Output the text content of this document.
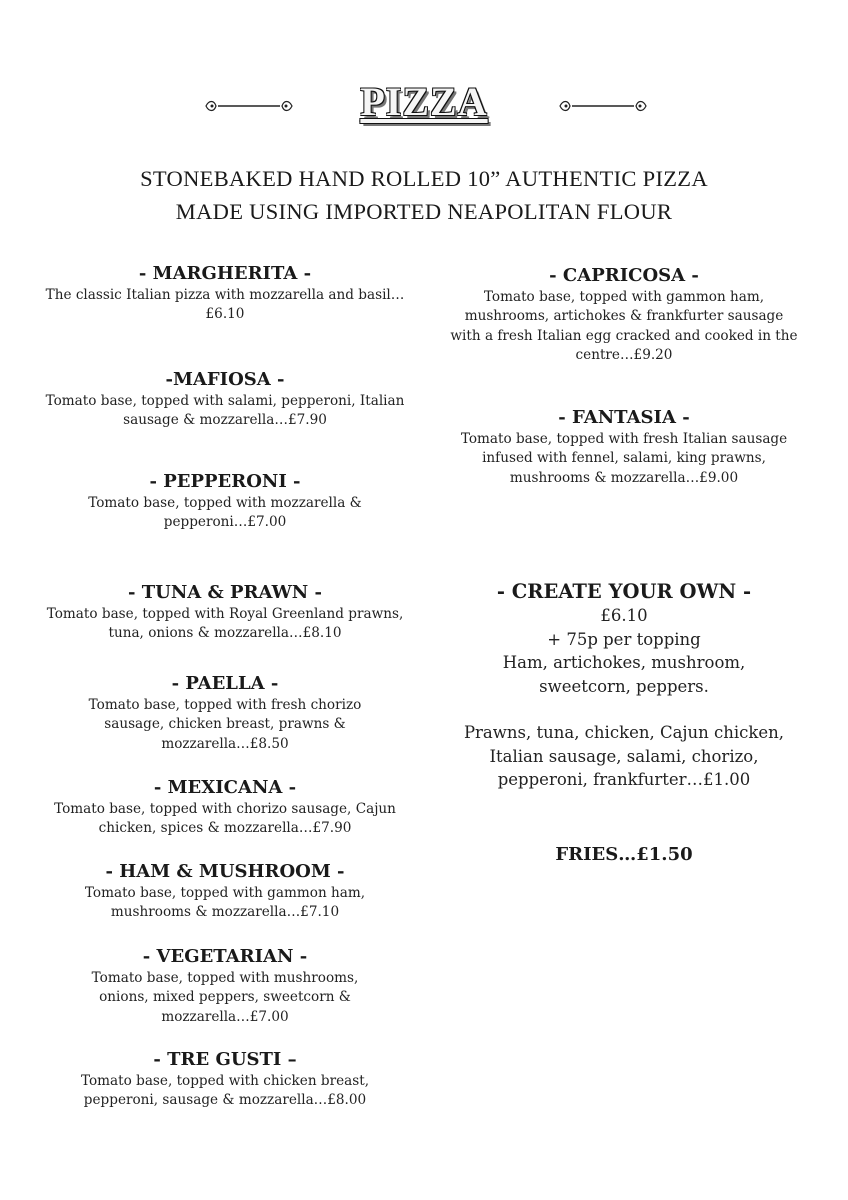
PIZZA
STONEBAKED HAND ROLLED 10” AUTHENTIC PIZZA
MADE USING IMPORTED NEAPOLITAN FLOUR
- MARGHERITA -

The classic Italian pizza with mozzarella and basil…£6.10

-MAFIOSA -

Tomato base, topped with salami, pepperoni, Italian sausage & mozzarella…£7.90

- PEPPERONI -

Tomato base, topped with mozzarella & pepperoni…£7.00

- TUNA & PRAWN -

Tomato base, topped with Royal Greenland prawns, tuna, onions & mozzarella…£8.10

- PAELLA -

Tomato base, topped with fresh chorizo sausage, chicken breast, prawns & mozzarella…£8.50

- MEXICANA -

Tomato base, topped with chorizo sausage, Cajun chicken, spices & mozzarella…£7.90

- HAM & MUSHROOM -

Tomato base, topped with gammon ham, mushrooms & mozzarella…£7.10

- VEGETARIAN -

Tomato base, topped with mushrooms, onions, mixed peppers, sweetcorn & mozzarella…£7.00

- TRE GUSTI –

Tomato base, topped with chicken breast, pepperoni, sausage & mozzarella…£8.00

- CAPRICOSA -

Tomato base, topped with gammon ham, mushrooms, artichokes & frankfurter sausage with a fresh Italian egg cracked and cooked in the centre…£9.20

- FANTASIA -

Tomato base, topped with fresh Italian sausage infused with fennel, salami, king prawns, mushrooms & mozzarella…£9.00

- CREATE YOUR OWN -

£6.10

+ 75p per topping

Ham, artichokes, mushroom, sweetcorn, peppers.

Prawns, tuna, chicken, Cajun chicken, Italian sausage, salami, chorizo, pepperoni, frankfurter…£1.00

FRIES…£1.50
